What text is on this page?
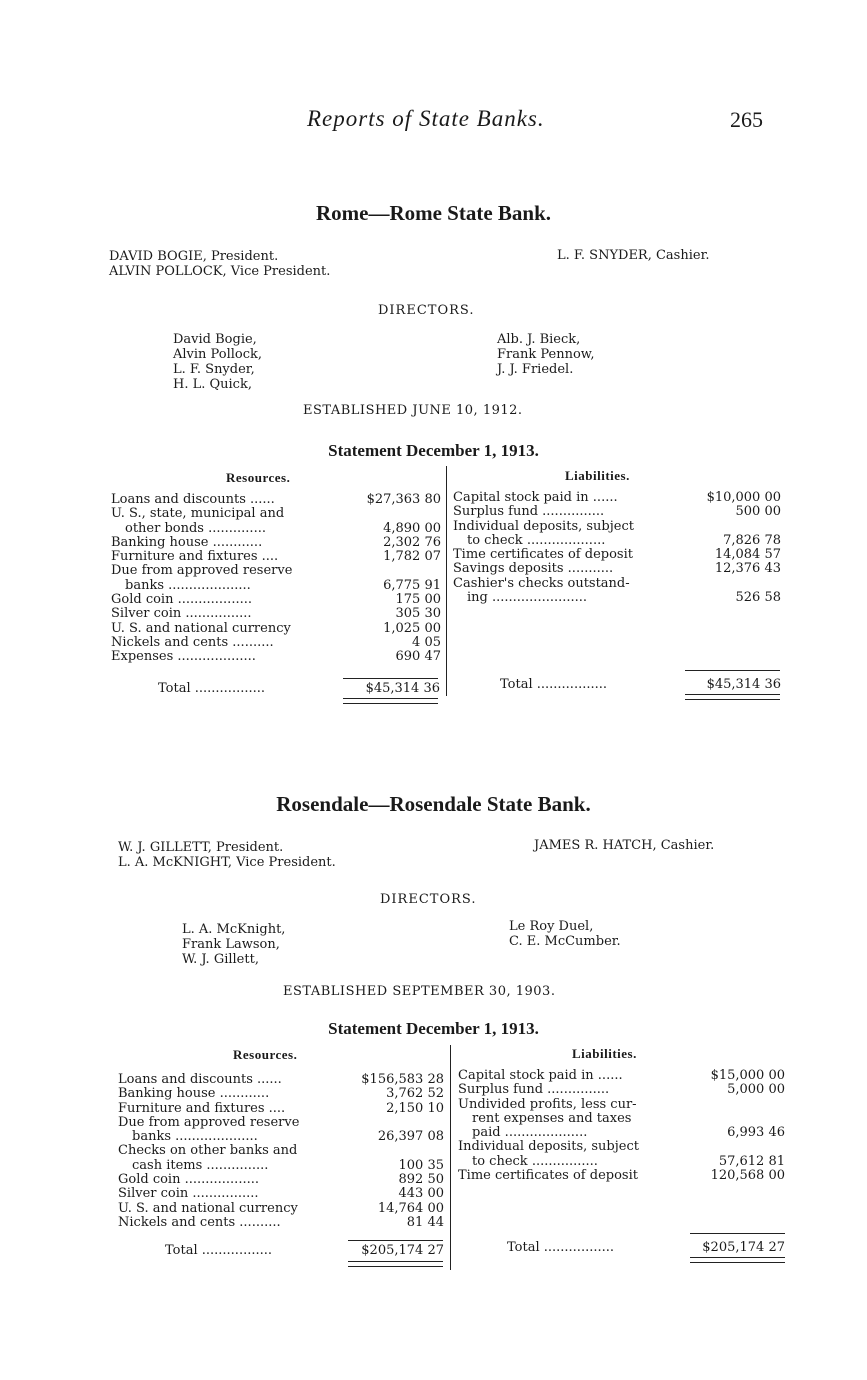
Reports of State Banks.	265
Rome—Rome State Bank.
DAVID BOGIE, President.
ALVIN POLLOCK, Vice President.
L. F. SNYDER, Cashier.
DIRECTORS.
David Bogie,
Alvin Pollock,
L. F. Snyder,
H. L. Quick,
Alb. J. Bieck,
Frank Pennow,
J. J. Friedel.
ESTABLISHED JUNE 10, 1912.
Statement December 1, 1913.
Resources.	Liabilities.
Loans and discounts ......	$27,363 80
U. S., state, municipal and
other bonds ..............	4,890 00
Banking house ............	2,302 76
Furniture and fixtures ....	1,782 07
Due from approved reserve
banks ....................	6,775 91
Gold coin ..................	175 00
Silver coin ................	305 30
U. S. and national currency	1,025 00
Nickels and cents ..........	4 05
Expenses ...................	690 47
Capital stock paid in ......	$10,000 00
Surplus fund ...............	500 00
Individual deposits, subject
to check ...................	7,826 78
Time certificates of deposit	14,084 57
Savings deposits ...........	12,376 43
Cashier's checks outstand-
ing .......................	526 58
Total .................	$45,314 36	Total .................	$45,314 36
Rosendale—Rosendale State Bank.
W. J. GILLETT, President.
L. A. McKNIGHT, Vice President.
JAMES R. HATCH, Cashier.
DIRECTORS.
L. A. McKnight,
Frank Lawson,
W. J. Gillett,
Le Roy Duel,
C. E. McCumber.
ESTABLISHED SEPTEMBER 30, 1903.
Statement December 1, 1913.
Resources.	Liabilities.
Loans and discounts ......	$156,583 28
Banking house ............	3,762 52
Furniture and fixtures ....	2,150 10
Due from approved reserve
banks ....................	26,397 08
Checks on other banks and
cash items ...............	100 35
Gold coin ..................	892 50
Silver coin ................	443 00
U. S. and national currency	14,764 00
Nickels and cents ..........	81 44
Capital stock paid in ......	$15,000 00
Surplus fund ...............	5,000 00
Undivided profits, less cur-
rent expenses and taxes
paid ....................	6,993 46
Individual deposits, subject
to check ................	57,612 81
Time certificates of deposit	120,568 00
Total .................	$205,174 27	Total .................	$205,174 27
